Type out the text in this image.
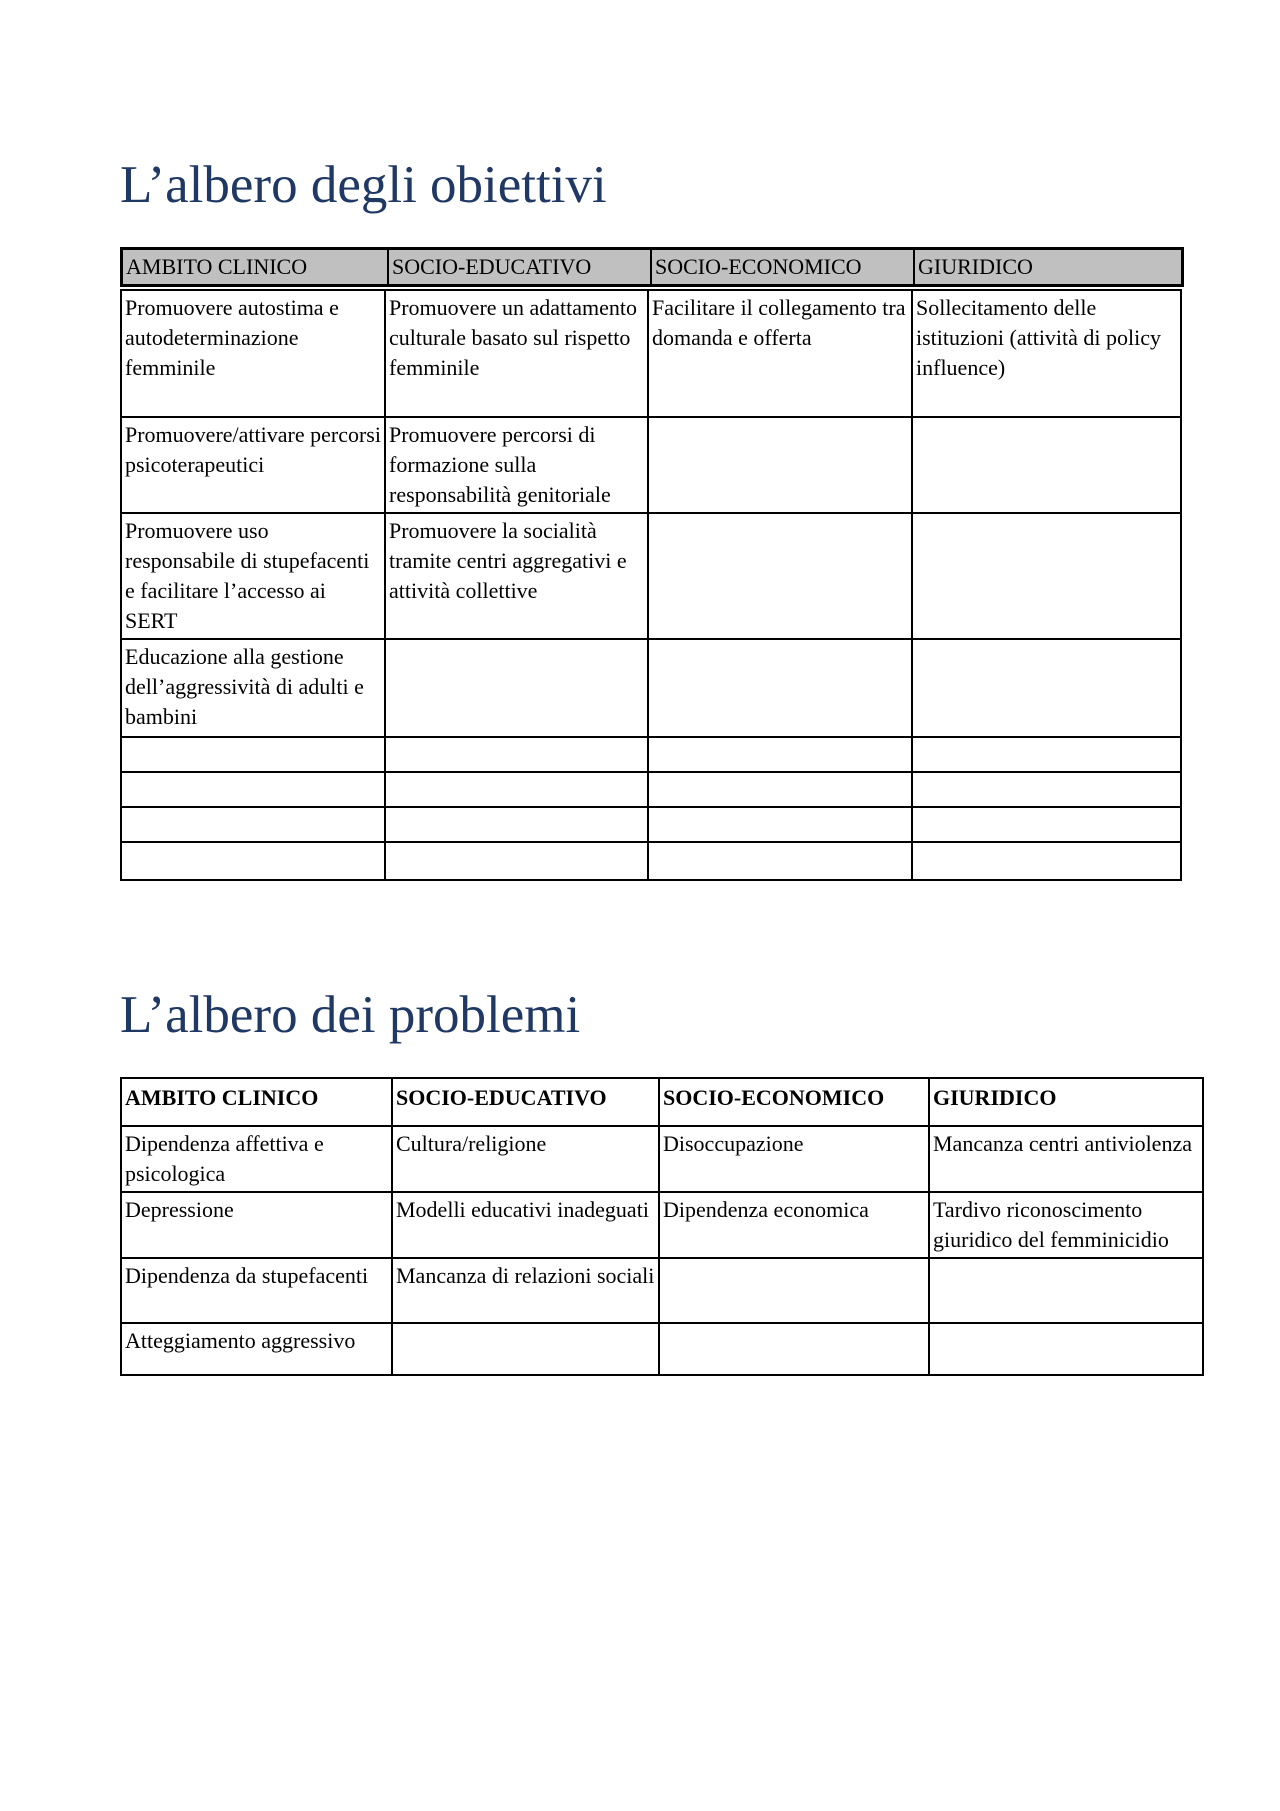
L’albero degli obiettivi
AMBITO CLINICO	SOCIO-EDUCATIVO	SOCIO-ECONOMICO	GIURIDICO
Promuovere autostima e autodeterminazione femminile	Promuovere un adattamento culturale basato sul rispetto femminile	Facilitare il collegamento tra domanda e offerta	Sollecitamento delle istituzioni (attività di policy influence)
Promuovere/attivare percorsi psicoterapeutici	Promuovere percorsi di formazione sulla responsabilità genitoriale		
Promuovere uso responsabile di stupefacenti e facilitare l’accesso ai SERT	Promuovere la socialità tramite centri aggregativi e attività collettive		
Educazione alla gestione dell’aggressività di adulti e bambini			

L’albero dei problemi
AMBITO CLINICO	SOCIO-EDUCATIVO	SOCIO-ECONOMICO	GIURIDICO
Dipendenza affettiva e psicologica	Cultura/religione	Disoccupazione	Mancanza centri antiviolenza
Depressione	Modelli educativi inadeguati	Dipendenza economica	Tardivo riconoscimento giuridico del femminicidio
Dipendenza da stupefacenti	Mancanza di relazioni sociali		
Atteggiamento aggressivo			
